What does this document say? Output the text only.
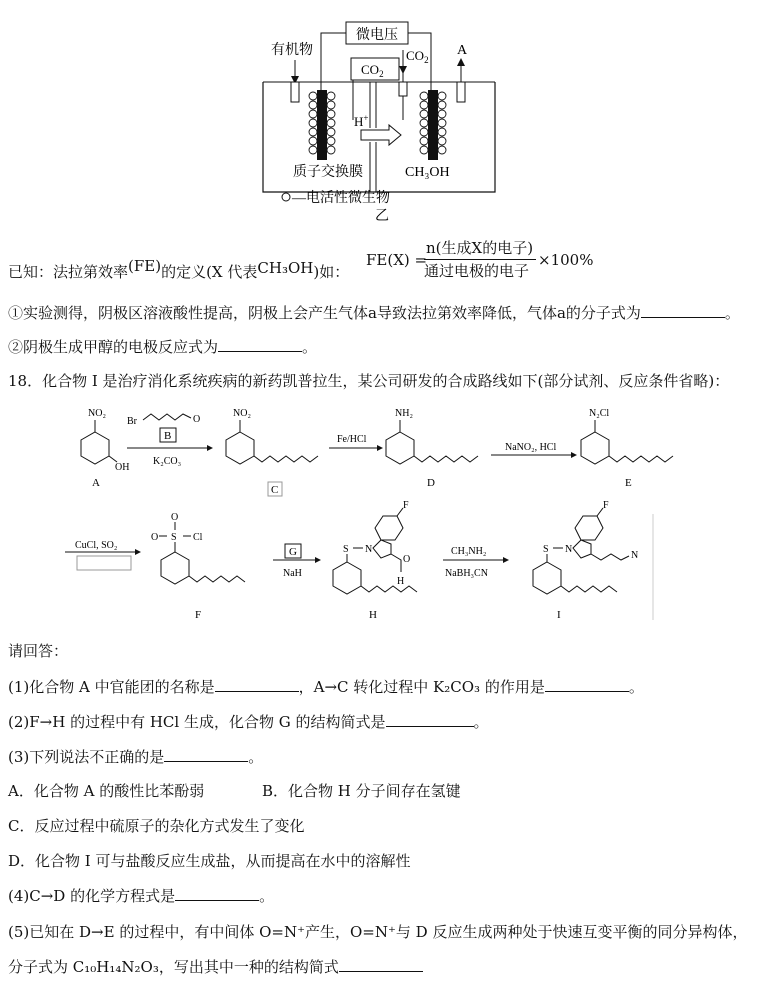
微电压
有机物
$CO_2$
H+
$CO_2$
A
质子交换膜	CH₃OH
—电活性微生物
乙
已知：法拉第效率(FE)的定义(X 代表CH₃OH)如：
FE(X) =
n(生成X的电子)
通过电极的电子
×100%
①实验测得，阴极区溶液酸性提高，阴极上会产生气体a导致法拉第效率降低，气体a的分子式为	。
②阴极生成甲醇的电极反应式为	。
18．化合物 I 是治疗消化系统疾病的新药凯普拉生，某公司研发的合成路线如下(部分试剂、反应条件省略)：
NO₂
OH
A
Br	O
B
K₂CO₃
NO₂
C
Fe/HCl
NH₂
D
NaNO₂, HCl
N₂Cl
E
CuCl, SO₂
O
S
O	Cl
F
G
NaH
S N
F
O
H
H
CH₃NH₂
NaBH₃CN
S N
F
N
I
请回答：
(1)化合物 A 中官能团的名称是	，A→C 转化过程中 K₂CO₃ 的作用是	。
(2)F→H 的过程中有 HCl 生成，化合物 G 的结构简式是	。
(3)下列说法不正确的是	。
A．化合物 A 的酸性比苯酚弱	B．化合物 H 分子间存在氢键
C．反应过程中硫原子的杂化方式发生了变化
D．化合物 I 可与盐酸反应生成盐，从而提高在水中的溶解性
(4)C→D 的化学方程式是	。
(5)已知在 D→E 的过程中，有中间体 O=N⁺产生，O=N⁺与 D 反应生成两种处于快速互变平衡的同分异构体，
分子式为 C₁₀H₁₄N₂O₃，写出其中一种的结构简式
